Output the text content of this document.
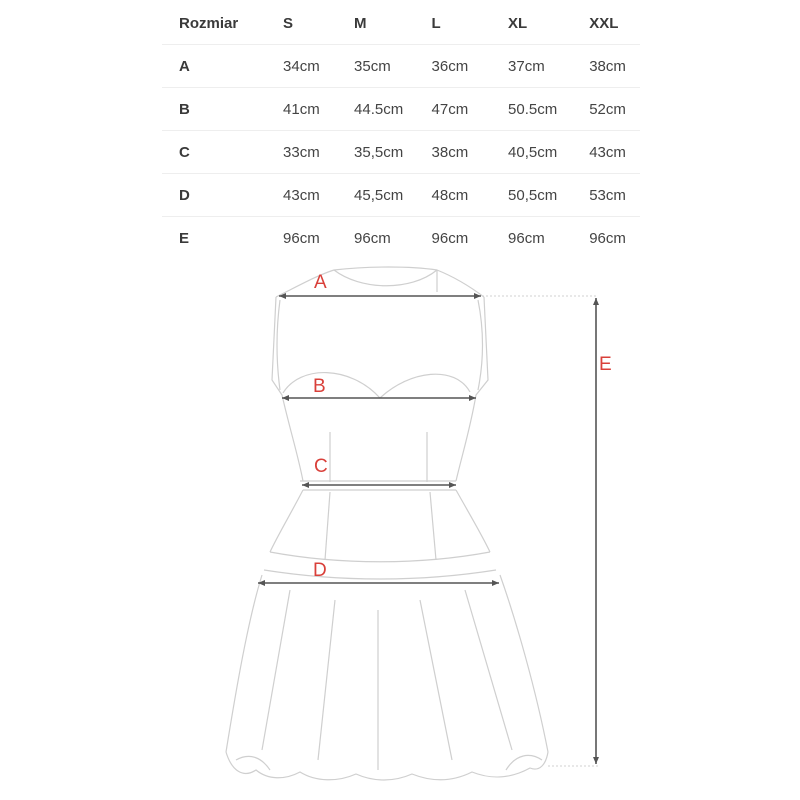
Rozmiar	S	M	L	XL	XXL
A	34cm	35cm	36cm	37cm	38cm
B	41cm	44.5cm	47cm	50.5cm	52cm
C	33cm	35,5cm	38cm	40,5cm	43cm
D	43cm	45,5cm	48cm	50,5cm	53cm
E	96cm	96cm	96cm	96cm	96cm
A
B
C
D
E
